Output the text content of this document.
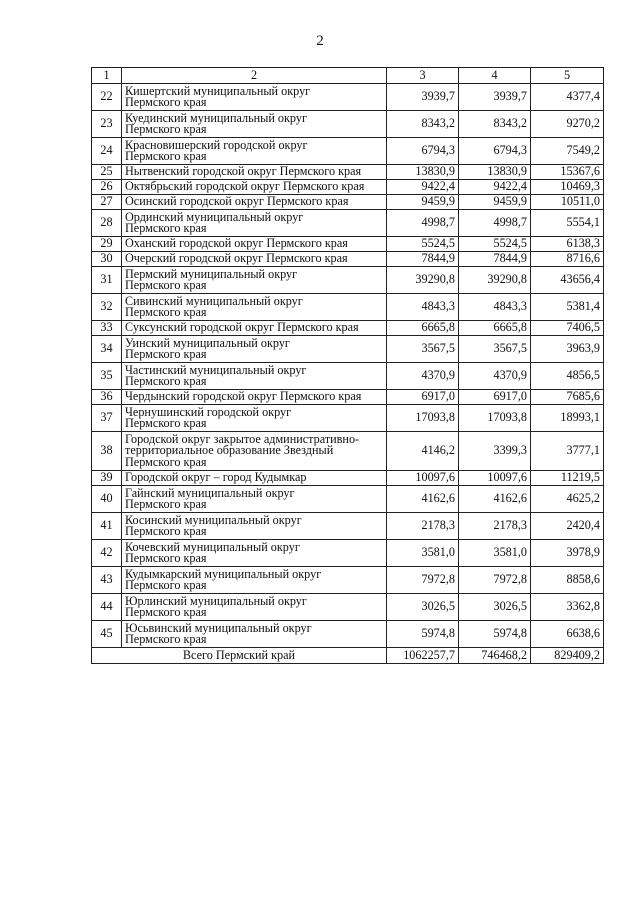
2
1	2	3	4	5
22	Кишертский муниципальный округ
Пермского края	3939,7	3939,7	4377,4
23	Куединский муниципальный округ
Пермского края	8343,2	8343,2	9270,2
24	Красновишерский городской округ
Пермского края	6794,3	6794,3	7549,2
25	Нытвенский городской округ Пермского края	13830,9	13830,9	15367,6
26	Октябрьский городской округ Пермского края	9422,4	9422,4	10469,3
27	Осинский городской округ Пермского края	9459,9	9459,9	10511,0
28	Ординский муниципальный округ
Пермского края	4998,7	4998,7	5554,1
29	Оханский городской округ Пермского края	5524,5	5524,5	6138,3
30	Очерский городской округ Пермского края	7844,9	7844,9	8716,6
31	Пермский муниципальный округ
Пермского края	39290,8	39290,8	43656,4
32	Сивинский муниципальный округ
Пермского края	4843,3	4843,3	5381,4
33	Суксунский городской округ Пермского края	6665,8	6665,8	7406,5
34	Уинский муниципальный округ
Пермского края	3567,5	3567,5	3963,9
35	Частинский муниципальный округ
Пермского края	4370,9	4370,9	4856,5
36	Чердынский городской округ Пермского края	6917,0	6917,0	7685,6
37	Чернушинский городской округ
Пермского края	17093,8	17093,8	18993,1
38	Городской округ закрытое административно-
территориальное образование Звездный
Пермского края	4146,2	3399,3	3777,1
39	Городской округ – город Кудымкар	10097,6	10097,6	11219,5
40	Гайнский муниципальный округ
Пермского края	4162,6	4162,6	4625,2
41	Косинский муниципальный округ
Пермского края	2178,3	2178,3	2420,4
42	Кочевский муниципальный округ
Пермского края	3581,0	3581,0	3978,9
43	Кудымкарский муниципальный округ
Пермского края	7972,8	7972,8	8858,6
44	Юрлинский муниципальный округ
Пермского края	3026,5	3026,5	3362,8
45	Юсьвинский муниципальный округ
Пермского края	5974,8	5974,8	6638,6
Всего Пермский край		1062257,7	746468,2	829409,2
